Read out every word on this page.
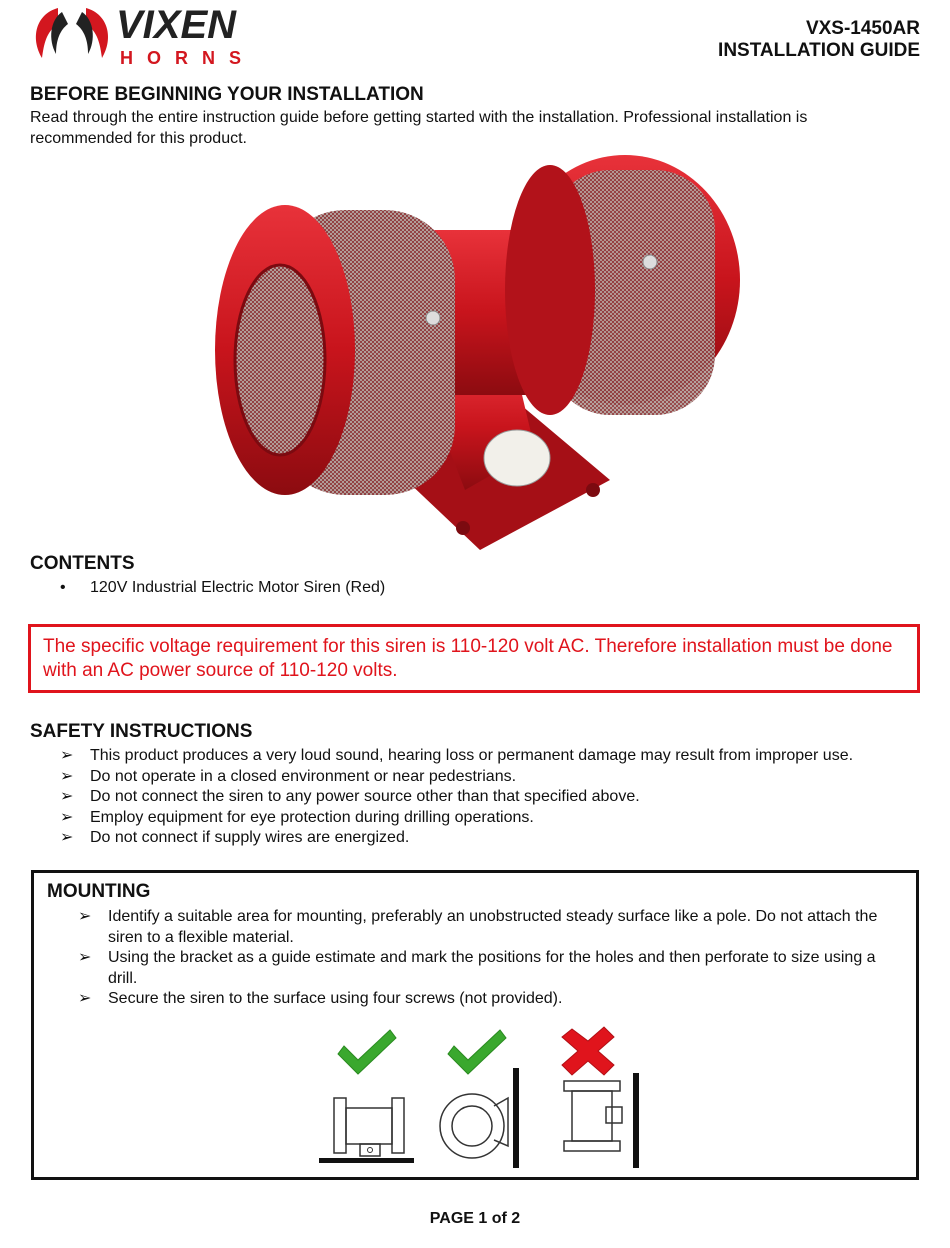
VIXEN
HORNS
VXS-1450AR
INSTALLATION GUIDE
BEFORE BEGINNING YOUR INSTALLATION
Read through the entire instruction guide before getting started with the installation. Professional installation is recommended for this product.
CONTENTS
•	120V Industrial Electric Motor Siren (Red)

The specific voltage requirement for this siren is 110-120 volt AC. Therefore installation must be done with an AC power source of 110-120 volts.

SAFETY INSTRUCTIONS
➢	This product produces a very loud sound, hearing loss or permanent damage may result from improper use.
➢	Do not operate in a closed environment or near pedestrians.
➢	Do not connect the siren to any power source other than that specified above.
➢	Employ equipment for eye protection during drilling operations.
➢	Do not connect if supply wires are energized.
MOUNTING
➢	Identify a suitable area for mounting, preferably an unobstructed steady surface like a pole. Do not attach the siren to a flexible material.
➢	Using the bracket as a guide estimate and mark the positions for the holes and then perforate to size using a drill.
➢	Secure the siren to the surface using four screws (not provided).
PAGE 1 of 2
